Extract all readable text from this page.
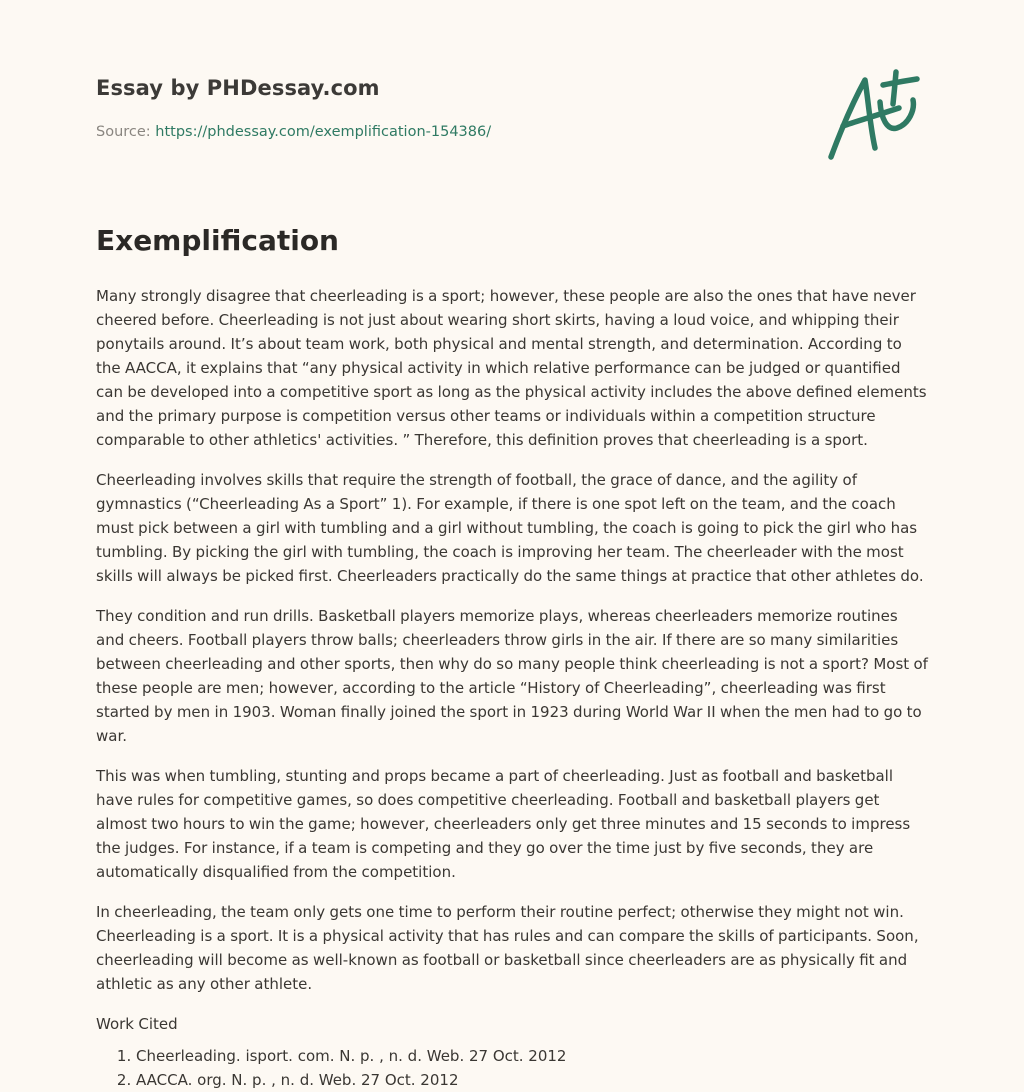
Essay by PHDessay.com
Source: https://phdessay.com/exemplification-154386/
Exemplification

Many strongly disagree that cheerleading is a sport; however, these people are also the ones that have never cheered before. Cheerleading is not just about wearing short skirts, having a loud voice, and whipping their ponytails around. It’s about team work, both physical and mental strength, and determination. According to the AACCA, it explains that “any physical activity in which relative performance can be judged or quantified can be developed into a competitive sport as long as the physical activity includes the above defined elements and the primary purpose is competition versus other teams or individuals within a competition structure comparable to other athletics' activities. ” Therefore, this definition proves that cheerleading is a sport.

Cheerleading involves skills that require the strength of football, the grace of dance, and the agility of gymnastics (“Cheerleading As a Sport” 1). For example, if there is one spot left on the team, and the coach must pick between a girl with tumbling and a girl without tumbling, the coach is going to pick the girl who has tumbling. By picking the girl with tumbling, the coach is improving her team. The cheerleader with the most skills will always be picked first. Cheerleaders practically do the same things at practice that other athletes do.

They condition and run drills. Basketball players memorize plays, whereas cheerleaders memorize routines and cheers. Football players throw balls; cheerleaders throw girls in the air. If there are so many similarities between cheerleading and other sports, then why do so many people think cheerleading is not a sport? Most of these people are men; however, according to the article “History of Cheerleading”, cheerleading was first started by men in 1903. Woman finally joined the sport in 1923 during World War II when the men had to go to war.

This was when tumbling, stunting and props became a part of cheerleading. Just as football and basketball have rules for competitive games, so does competitive cheerleading. Football and basketball players get almost two hours to win the game; however, cheerleaders only get three minutes and 15 seconds to impress the judges. For instance, if a team is competing and they go over the time just by five seconds, they are automatically disqualified from the competition.

In cheerleading, the team only gets one time to perform their routine perfect; otherwise they might not win. Cheerleading is a sport. It is a physical activity that has rules and can compare the skills of participants. Soon, cheerleading will become as well-known as football or basketball since cheerleaders are as physically fit and athletic as any other athlete.

Work Cited

1. Cheerleading. isport. com. N. p. , n. d. Web. 27 Oct. 2012
2. AACCA. org. N. p. , n. d. Web. 27 Oct. 2012
